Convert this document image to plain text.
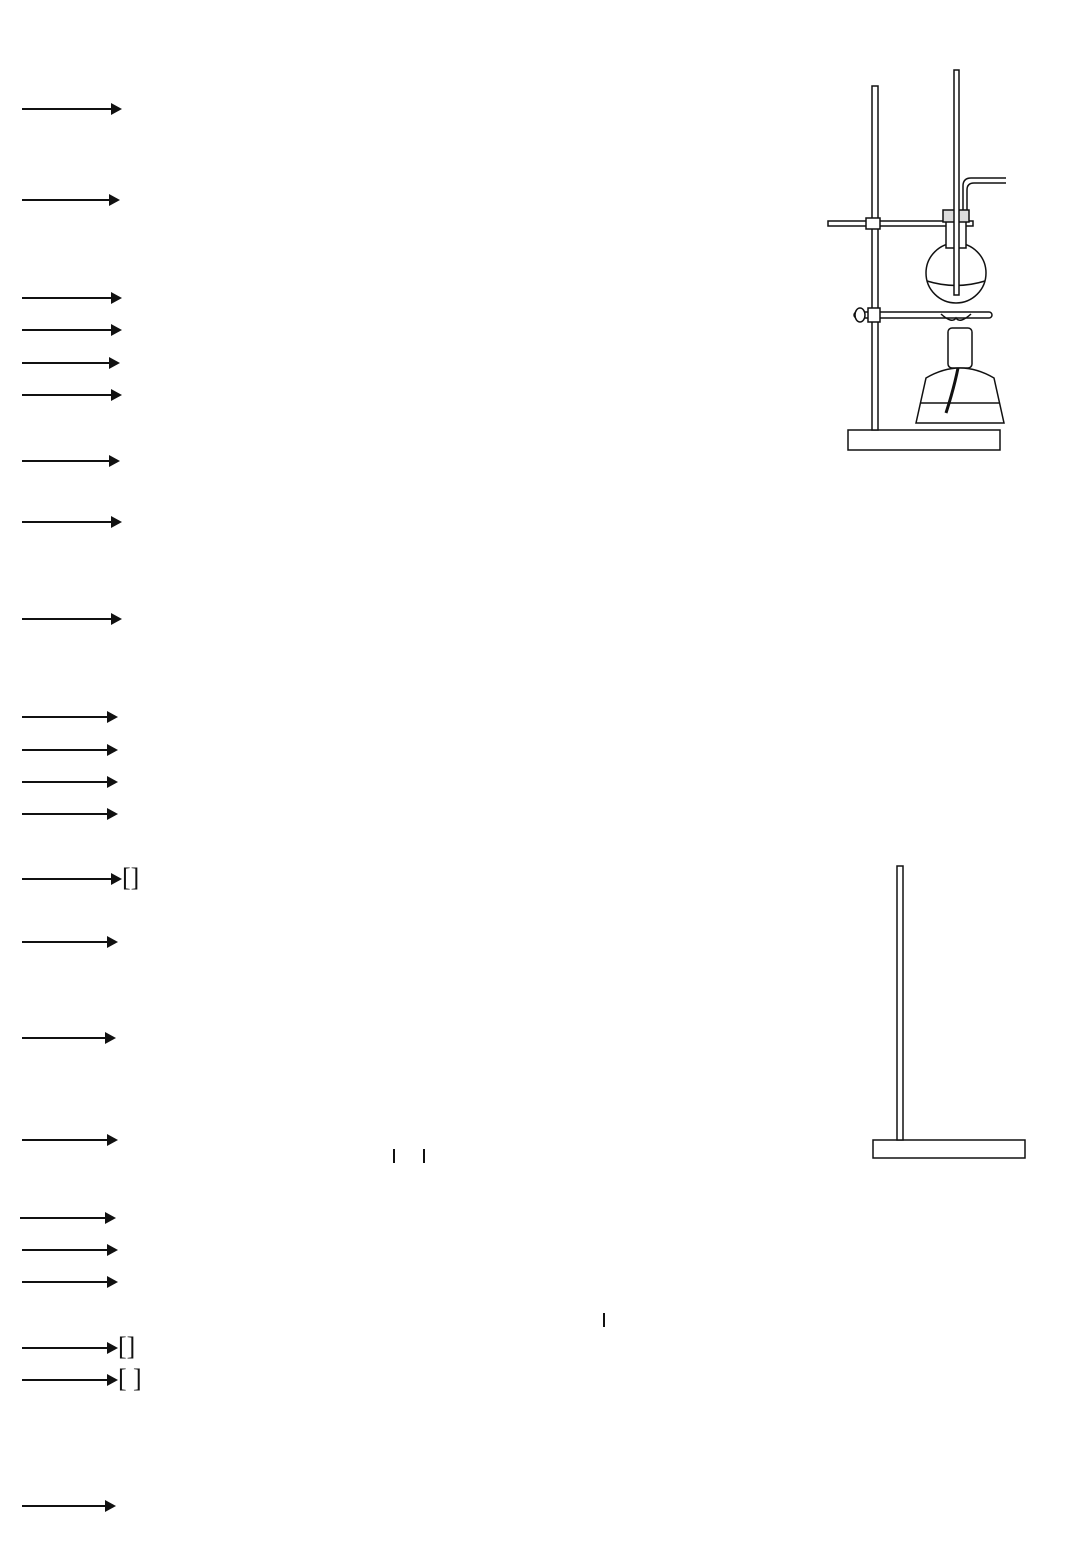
[]
[]
[ ]
